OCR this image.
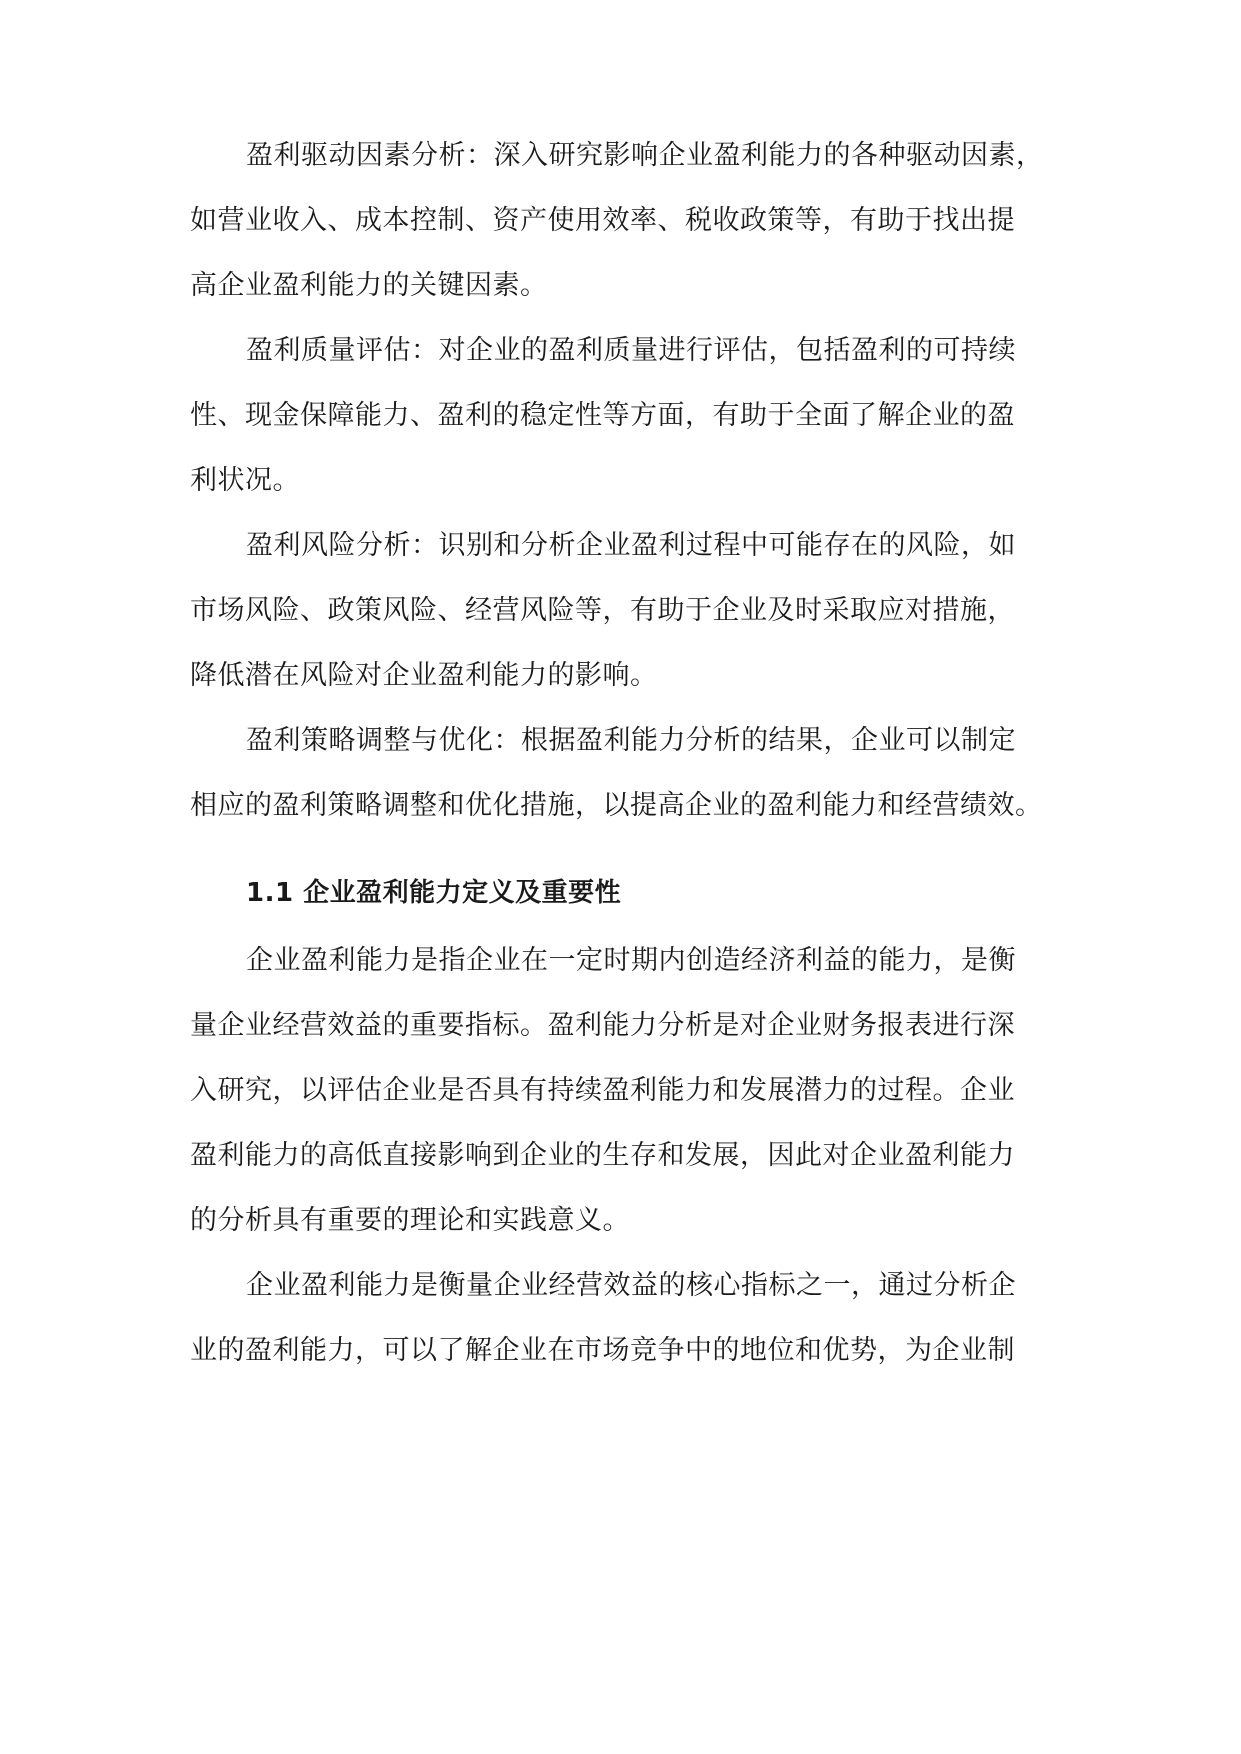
盈利驱动因素分析：深入研究影响企业盈利能力的各种驱动因素，
如营业收入、成本控制、资产使用效率、税收政策等，有助于找出提
高企业盈利能力的关键因素。
盈利质量评估：对企业的盈利质量进行评估，包括盈利的可持续
性、现金保障能力、盈利的稳定性等方面，有助于全面了解企业的盈
利状况。
盈利风险分析：识别和分析企业盈利过程中可能存在的风险，如
市场风险、政策风险、经营风险等，有助于企业及时采取应对措施，
降低潜在风险对企业盈利能力的影响。
盈利策略调整与优化：根据盈利能力分析的结果，企业可以制定
相应的盈利策略调整和优化措施，以提高企业的盈利能力和经营绩效。
1.1 企业盈利能力定义及重要性
企业盈利能力是指企业在一定时期内创造经济利益的能力，是衡
量企业经营效益的重要指标。盈利能力分析是对企业财务报表进行深
入研究，以评估企业是否具有持续盈利能力和发展潜力的过程。企业
盈利能力的高低直接影响到企业的生存和发展，因此对企业盈利能力
的分析具有重要的理论和实践意义。
企业盈利能力是衡量企业经营效益的核心指标之一，通过分析企
业的盈利能力，可以了解企业在市场竞争中的地位和优势，为企业制
